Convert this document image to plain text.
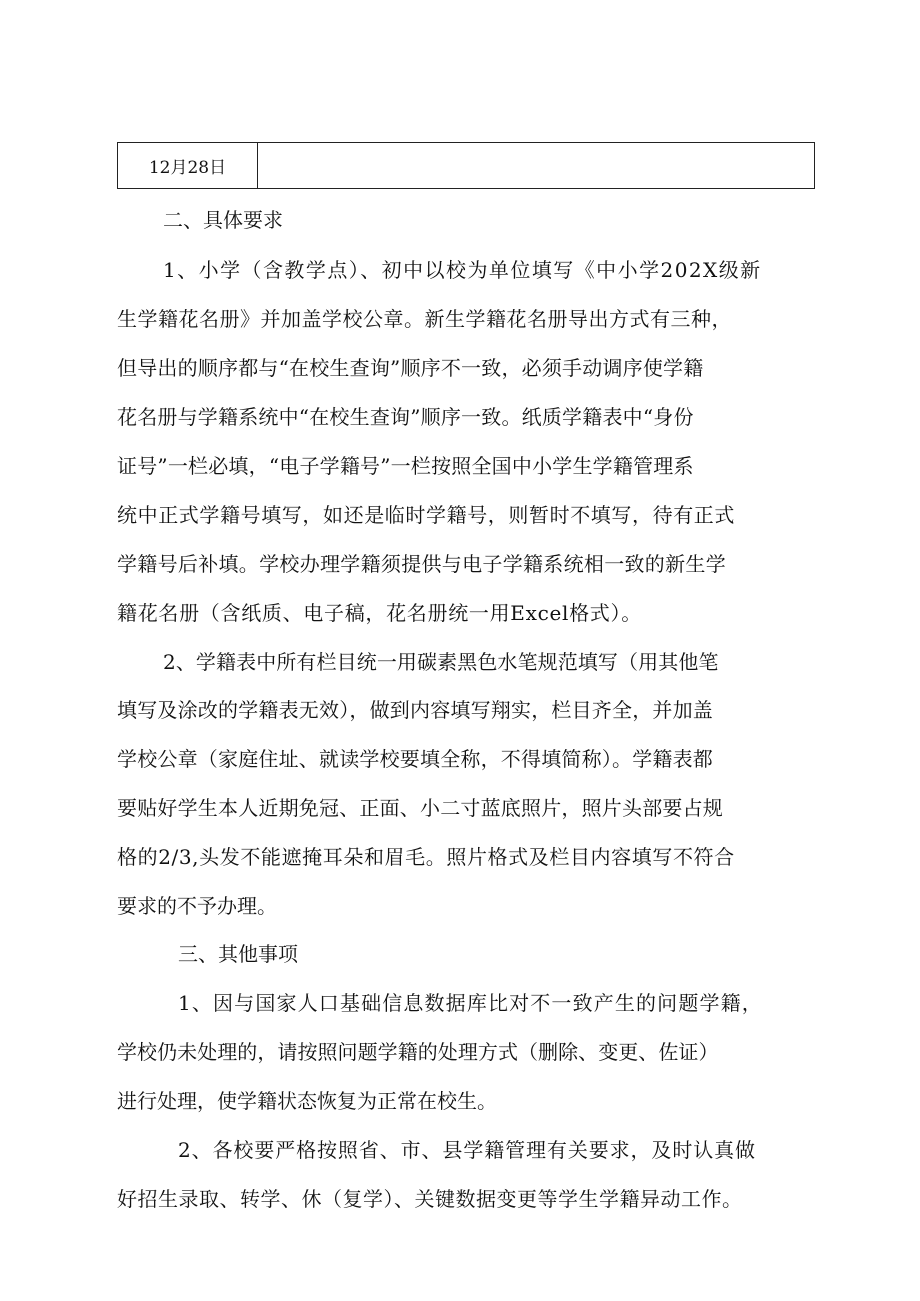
12月28日	
二、具体要求
1、小学（含教学点）、初中以校为单位填写《中小学202X级新
生学籍花名册》并加盖学校公章。新生学籍花名册导出方式有三种，
但导出的顺序都与“在校生查询”顺序不一致，必须手动调序使学籍
花名册与学籍系统中“在校生查询”顺序一致。纸质学籍表中“身份
证号”一栏必填，“电子学籍号”一栏按照全国中小学生学籍管理系
统中正式学籍号填写，如还是临时学籍号，则暂时不填写，待有正式
学籍号后补填。学校办理学籍须提供与电子学籍系统相一致的新生学
籍花名册（含纸质、电子稿，花名册统一用Excel格式）。
2、学籍表中所有栏目统一用碳素黑色水笔规范填写（用其他笔
填写及涂改的学籍表无效），做到内容填写翔实，栏目齐全，并加盖
学校公章（家庭住址、就读学校要填全称，不得填简称）。学籍表都
要贴好学生本人近期免冠、正面、小二寸蓝底照片，照片头部要占规
格的2/3,头发不能遮掩耳朵和眉毛。照片格式及栏目内容填写不符合
要求的不予办理。
三、其他事项
1、因与国家人口基础信息数据库比对不一致产生的问题学籍，
学校仍未处理的，请按照问题学籍的处理方式（删除、变更、佐证）
进行处理，使学籍状态恢复为正常在校生。
2、各校要严格按照省、市、县学籍管理有关要求，及时认真做
好招生录取、转学、休（复学）、关键数据变更等学生学籍异动工作。
